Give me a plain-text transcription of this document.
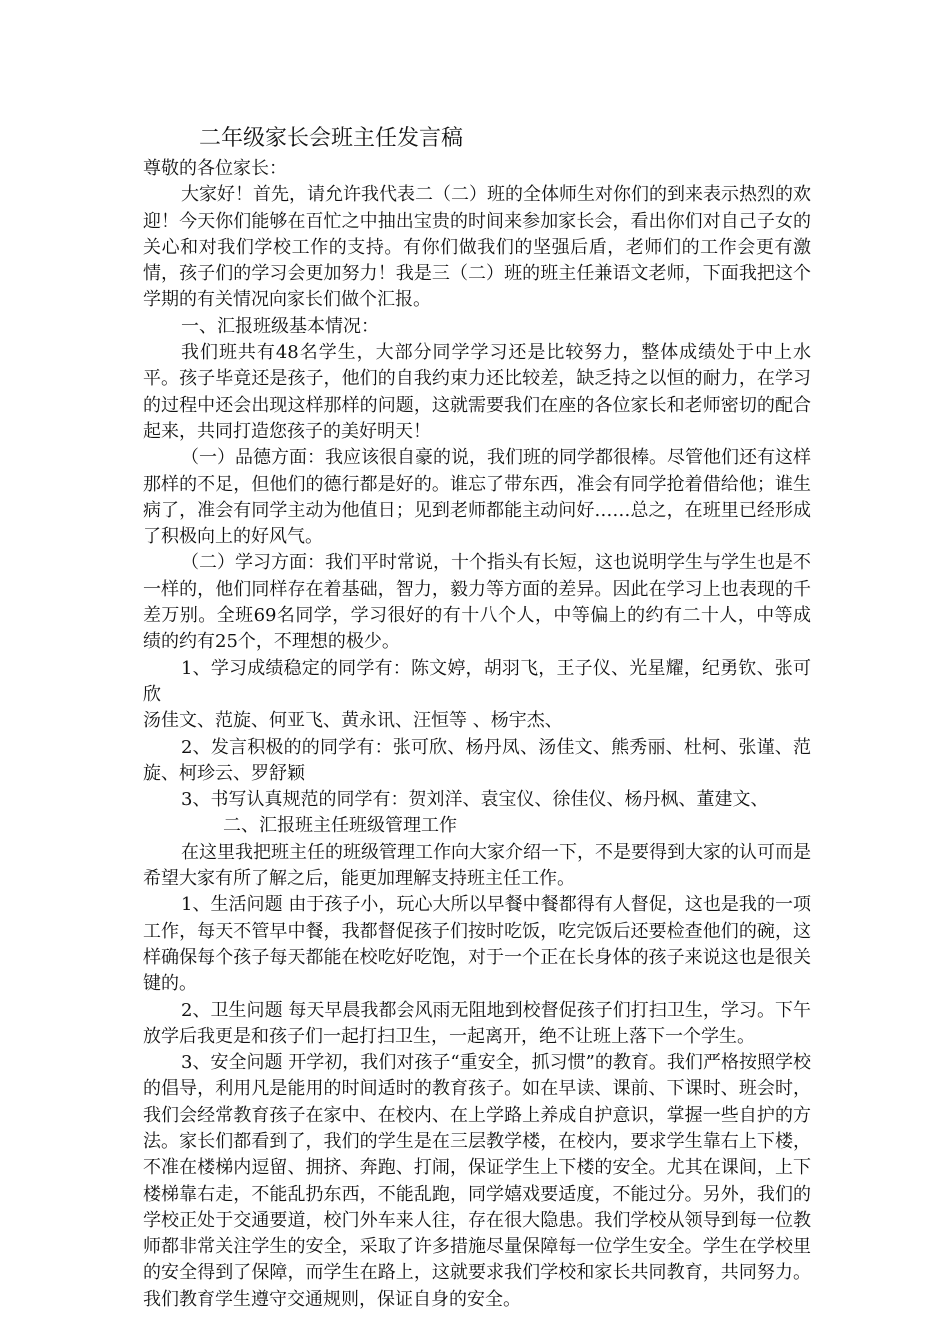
二年级家长会班主任发言稿

尊敬的各位家长：

大家好！首先，请允许我代表二（二）班的全体师生对你们的到来表示热烈的欢迎！今天你们能够在百忙之中抽出宝贵的时间来参加家长会，看出你们对自己子女的关心和对我们学校工作的支持。有你们做我们的坚强后盾，老师们的工作会更有激情，孩子们的学习会更加努力！我是三（二）班的班主任兼语文老师，下面我把这个学期的有关情况向家长们做个汇报。

一、汇报班级基本情况：

我们班共有48名学生，大部分同学学习还是比较努力，整体成绩处于中上水平。孩子毕竟还是孩子，他们的自我约束力还比较差，缺乏持之以恒的耐力，在学习的过程中还会出现这样那样的问题，这就需要我们在座的各位家长和老师密切的配合起来，共同打造您孩子的美好明天！

（一）品德方面：我应该很自豪的说，我们班的同学都很棒。尽管他们还有这样那样的不足，但他们的德行都是好的。谁忘了带东西，准会有同学抢着借给他；谁生病了，准会有同学主动为他值日；见到老师都能主动问好……总之，在班里已经形成了积极向上的好风气。

（二）学习方面：我们平时常说，十个指头有长短，这也说明学生与学生也是不一样的，他们同样存在着基础，智力，毅力等方面的差异。因此在学习上也表现的千差万别。全班69名同学，学习很好的有十八个人，中等偏上的约有二十人，中等成绩的约有25个，不理想的极少。

1、学习成绩稳定的同学有：陈文婷，胡羽飞，王子仪、光星耀，纪勇钦、张可欣

汤佳文、范旋、何亚飞、黄永讯、汪恒等 、杨宇杰、

2、发言积极的的同学有：张可欣、杨丹凤、汤佳文、熊秀丽、杜柯、张谨、范旋、柯珍云、罗舒颖

3、书写认真规范的同学有：贺刘洋、袁宝仪、徐佳仪、杨丹枫、董建文、

二、汇报班主任班级管理工作

在这里我把班主任的班级管理工作向大家介绍一下，不是要得到大家的认可而是希望大家有所了解之后，能更加理解支持班主任工作。

1、生活问题 由于孩子小，玩心大所以早餐中餐都得有人督促，这也是我的一项工作，每天不管早中餐，我都督促孩子们按时吃饭，吃完饭后还要检查他们的碗，这样确保每个孩子每天都能在校吃好吃饱，对于一个正在长身体的孩子来说这也是很关键的。

2、卫生问题 每天早晨我都会风雨无阻地到校督促孩子们打扫卫生，学习。下午放学后我更是和孩子们一起打扫卫生，一起离开，绝不让班上落下一个学生。

3、安全问题 开学初，我们对孩子“重安全，抓习惯”的教育。我们严格按照学校的倡导，利用凡是能用的时间适时的教育孩子。如在早读、课前、下课时、班会时，我们会经常教育孩子在家中、在校内、在上学路上养成自护意识，掌握一些自护的方法。家长们都看到了，我们的学生是在三层教学楼，在校内，要求学生靠右上下楼，不准在楼梯内逗留、拥挤、奔跑、打闹，保证学生上下楼的安全。尤其在课间，上下楼梯靠右走，不能乱扔东西，不能乱跑，同学嬉戏要适度，不能过分。另外，我们的学校正处于交通要道，校门外车来人往，存在很大隐患。我们学校从领导到每一位教师都非常关注学生的安全，采取了许多措施尽量保障每一位学生安全。学生在学校里的安全得到了保障，而学生在路上，这就要求我们学校和家长共同教育，共同努力。我们教育学生遵守交通规则，保证自身的安全。
